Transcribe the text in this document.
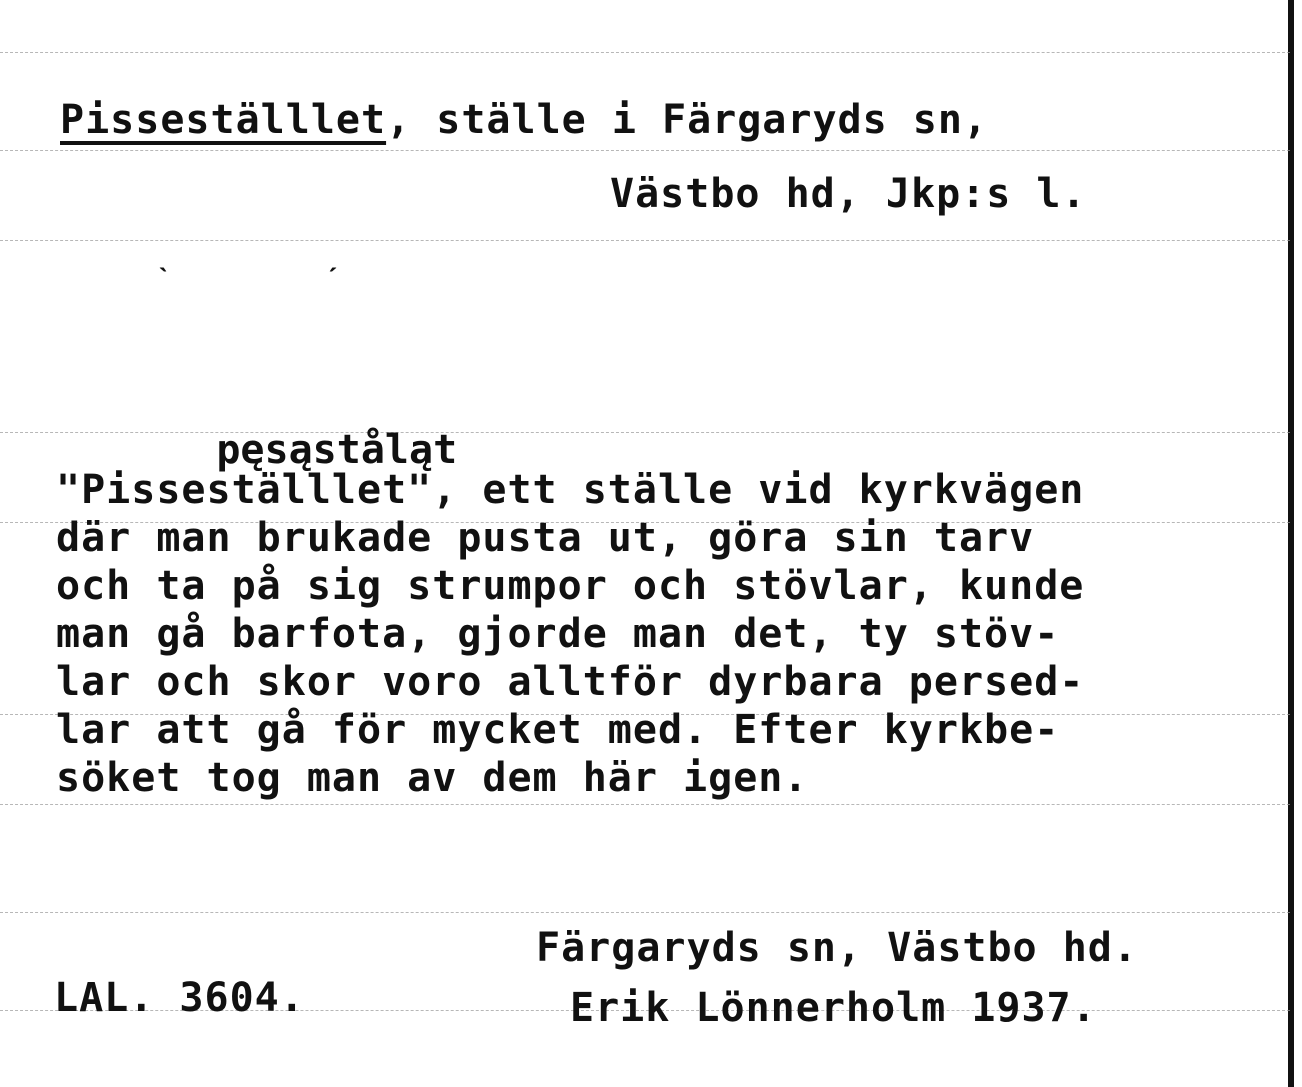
Pisseställlet, ställe i Färgaryds sn,
Västbo hd, Jkp:s l.

ˋ

	ˊ

pęsąståląt

"Pisseställlet", ett ställe vid kyrkvägen
där man brukade pusta ut, göra sin tarv
och ta på sig strumpor och stövlar, kunde
man gå barfota, gjorde man det, ty stöv-
lar och skor voro alltför dyrbara persed-
lar att gå för mycket med. Efter kyrkbe-
söket tog man av dem här igen.
Färgaryds sn, Västbo hd.
LAL. 3604.	Erik Lönnerholm 1937.
